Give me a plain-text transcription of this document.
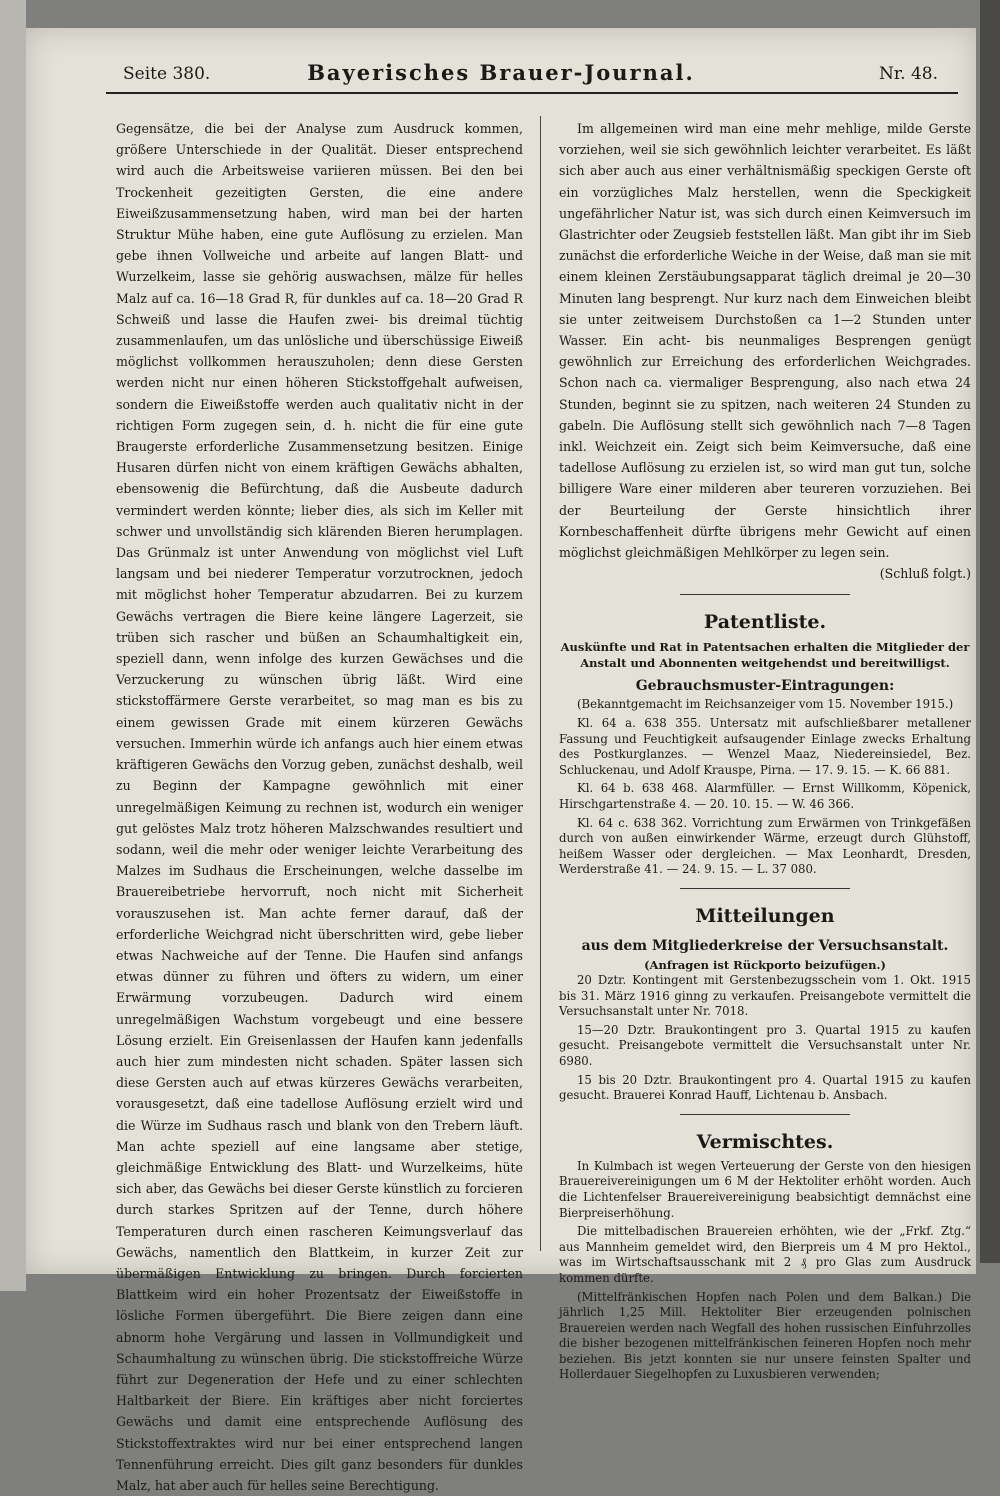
Seite 380.	Bayerisches Brauer-Journal.	Nr. 48.

Gegensätze, die bei der Analyse zum Ausdruck kommen, größere Unterschiede in der Qualität. Dieser entsprechend wird auch die Arbeitsweise variieren müssen. Bei den bei Trockenheit gezeitigten Gersten, die eine andere Eiweißzusammensetzung haben, wird man bei der harten Struktur Mühe haben, eine gute Auflösung zu erzielen. Man gebe ihnen Vollweiche und arbeite auf langen Blatt- und Wurzelkeim, lasse sie gehörig auswachsen, mälze für helles Malz auf ca. 16—18 Grad R, für dunkles auf ca. 18—20 Grad R Schweiß und lasse die Haufen zwei- bis dreimal tüchtig zusammenlaufen, um das unlösliche und überschüssige Eiweiß möglichst vollkommen herauszuholen; denn diese Gersten werden nicht nur einen höheren Stickstoffgehalt aufweisen, sondern die Eiweißstoffe werden auch qualitativ nicht in der richtigen Form zugegen sein, d. h. nicht die für eine gute Braugerste erforderliche Zusammensetzung besitzen. Einige Husaren dürfen nicht von einem kräftigen Gewächs abhalten, ebensowenig die Befürchtung, daß die Ausbeute dadurch vermindert werden könnte; lieber dies, als sich im Keller mit schwer und unvollständig sich klärenden Bieren herumplagen. Das Grünmalz ist unter Anwendung von möglichst viel Luft langsam und bei niederer Temperatur vorzutrocknen, jedoch mit möglichst hoher Temperatur abzudarren. Bei zu kurzem Gewächs vertragen die Biere keine längere Lagerzeit, sie trüben sich rascher und büßen an Schaumhaltigkeit ein, speziell dann, wenn infolge des kurzen Gewächses und die Verzuckerung zu wünschen übrig läßt. Wird eine stickstoffärmere Gerste verarbeitet, so mag man es bis zu einem gewissen Grade mit einem kürzeren Gewächs versuchen. Immerhin würde ich anfangs auch hier einem etwas kräftigeren Gewächs den Vorzug geben, zunächst deshalb, weil zu Beginn der Kampagne gewöhnlich mit einer unregelmäßigen Keimung zu rechnen ist, wodurch ein weniger gut gelöstes Malz trotz höheren Malzschwandes resultiert und sodann, weil die mehr oder weniger leichte Verarbeitung des Malzes im Sudhaus die Erscheinungen, welche dasselbe im Brauereibetriebe hervorruft, noch nicht mit Sicherheit vorauszusehen ist. Man achte ferner darauf, daß der erforderliche Weichgrad nicht überschritten wird, gebe lieber etwas Nachweiche auf der Tenne. Die Haufen sind anfangs etwas dünner zu führen und öfters zu widern, um einer Erwärmung vorzubeugen. Dadurch wird einem unregelmäßigen Wachstum vorgebeugt und eine bessere Lösung erzielt. Ein Greisenlassen der Haufen kann jedenfalls auch hier zum mindesten nicht schaden. Später lassen sich diese Gersten auch auf etwas kürzeres Gewächs verarbeiten, vorausgesetzt, daß eine tadellose Auflösung erzielt wird und die Würze im Sudhaus rasch und blank von den Trebern läuft. Man achte speziell auf eine langsame aber stetige, gleichmäßige Entwicklung des Blatt- und Wurzelkeims, hüte sich aber, das Gewächs bei dieser Gerste künstlich zu forcieren durch starkes Spritzen auf der Tenne, durch höhere Temperaturen durch einen rascheren Keimungsverlauf das Gewächs, namentlich den Blattkeim, in kurzer Zeit zur übermäßigen Entwicklung zu bringen. Durch forcierten Blattkeim wird ein hoher Prozentsatz der Eiweißstoffe in lösliche Formen übergeführt. Die Biere zeigen dann eine abnorm hohe Vergärung und lassen in Vollmundigkeit und Schaumhaltung zu wünschen übrig. Die stickstoffreiche Würze führt zur Degeneration der Hefe und zu einer schlechten Haltbarkeit der Biere. Ein kräftiges aber nicht forciertes Gewächs und damit eine entsprechende Auflösung des Stickstoffextraktes wird nur bei einer entsprechend langen Tennenführung erreicht. Dies gilt ganz besonders für dunkles Malz, hat aber auch für helles seine Berechtigung.

Im allgemeinen wird man eine mehr mehlige, milde Gerste vorziehen, weil sie sich gewöhnlich leichter verarbeitet. Es läßt sich aber auch aus einer verhältnismäßig speckigen Gerste oft ein vorzügliches Malz herstellen, wenn die Speckigkeit ungefährlicher Natur ist, was sich durch einen Keimversuch im Glastrichter oder Zeugsieb feststellen läßt. Man gibt ihr im Sieb zunächst die erforderliche Weiche in der Weise, daß man sie mit einem kleinen Zerstäubungsapparat täglich dreimal je 20—30 Minuten lang besprengt. Nur kurz nach dem Einweichen bleibt sie unter zeitweisem Durchstoßen ca 1—2 Stunden unter Wasser. Ein acht- bis neunmaliges Besprengen genügt gewöhnlich zur Erreichung des erforderlichen Weichgrades. Schon nach ca. viermaliger Besprengung, also nach etwa 24 Stunden, beginnt sie zu spitzen, nach weiteren 24 Stunden zu gabeln. Die Auflösung stellt sich gewöhnlich nach 7—8 Tagen inkl. Weichzeit ein. Zeigt sich beim Keimversuche, daß eine tadellose Auflösung zu erzielen ist, so wird man gut tun, solche billigere Ware einer milderen aber teureren vorzuziehen. Bei der Beurteilung der Gerste hinsichtlich ihrer Kornbeschaffenheit dürfte übrigens mehr Gewicht auf einen möglichst gleichmäßigen Mehlkörper zu legen sein.

(Schluß folgt.)
Patentliste.
Auskünfte und Rat in Patentsachen erhalten die Mitglieder der Anstalt und Abonnenten weitgehendst und bereitwilligst.
Gebrauchsmuster-Eintragungen:

(Bekanntgemacht im Reichsanzeiger vom 15. November 1915.)

Kl. 64 a. 638 355. Untersatz mit aufschließbarer metallener Fassung und Feuchtigkeit aufsaugender Einlage zwecks Erhaltung des Postkurglanzes. — Wenzel Maaz, Niedereinsiedel, Bez. Schluckenau, und Adolf Krauspe, Pirna. — 17. 9. 15. — K. 66 881.

Kl. 64 b. 638 468. Alarmfüller. — Ernst Willkomm, Köpenick, Hirschgartenstraße 4. — 20. 10. 15. — W. 46 366.

Kl. 64 c. 638 362. Vorrichtung zum Erwärmen von Trinkgefäßen durch von außen einwirkender Wärme, erzeugt durch Glühstoff, heißem Wasser oder dergleichen. — Max Leonhardt, Dresden, Werderstraße 41. — 24. 9. 15. — L. 37 080.

Mitteilungen
aus dem Mitgliederkreise der Versuchsanstalt.
(Anfragen ist Rückporto beizufügen.)

20 Dztr. Kontingent mit Gerstenbezugsschein vom 1. Okt. 1915 bis 31. März 1916 ginng zu verkaufen. Preisangebote vermittelt die Versuchsanstalt unter Nr. 7018.

15—20 Dztr. Braukontingent pro 3. Quartal 1915 zu kaufen gesucht. Preisangebote vermittelt die Versuchsanstalt unter Nr. 6980.

15 bis 20 Dztr. Braukontingent pro 4. Quartal 1915 zu kaufen gesucht. Brauerei Konrad Hauff, Lichtenau b. Ansbach.

Vermischtes.

In Kulmbach ist wegen Verteuerung der Gerste von den hiesigen Brauereivereinigungen um 6 M der Hektoliter erhöht worden. Auch die Lichtenfelser Brauereivereinigung beabsichtigt demnächst eine Bierpreiserhöhung.

Die mittelbadischen Brauereien erhöhten, wie der „Frkf. Ztg.“ aus Mannheim gemeldet wird, den Bierpreis um 4 M pro Hektol., was im Wirtschaftsausschank mit 2 ₰ pro Glas zum Ausdruck kommen dürfte.

(Mittelfränkischen Hopfen nach Polen und dem Balkan.) Die jährlich 1,25 Mill. Hektoliter Bier erzeugenden polnischen Brauereien werden nach Wegfall des hohen russischen Einfuhrzolles die bisher bezogenen mittelfränkischen feineren Hopfen noch mehr beziehen. Bis jetzt konnten sie nur unsere feinsten Spalter und Hollerdauer Siegelhopfen zu Luxusbieren verwenden;
